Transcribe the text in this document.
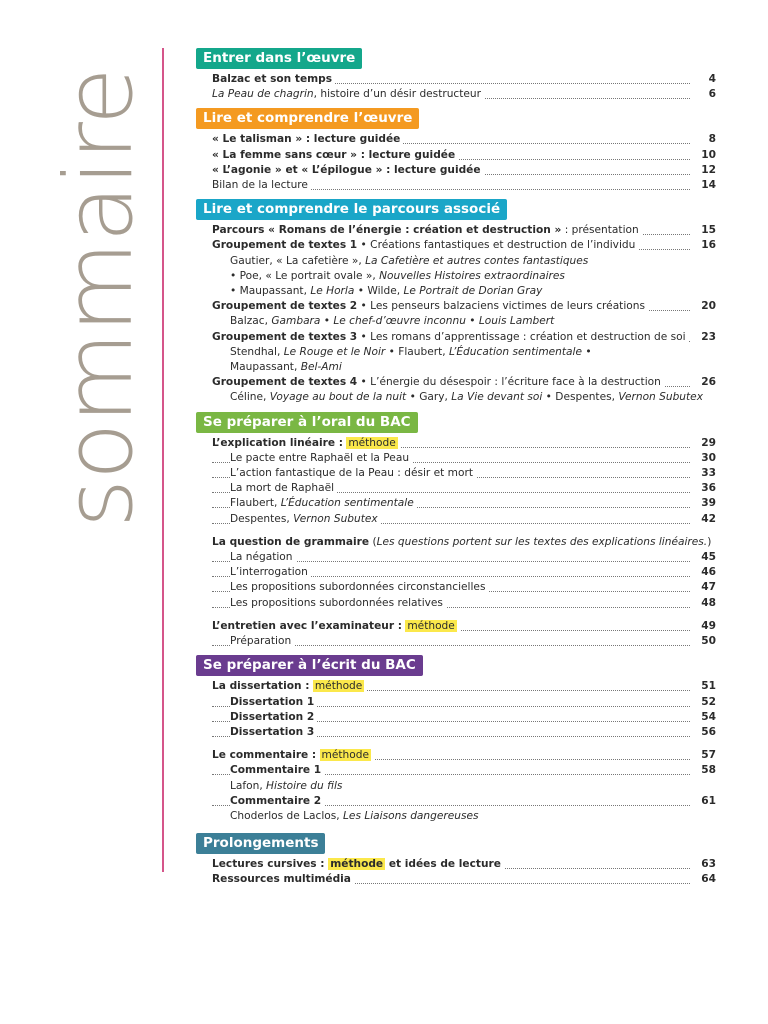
sommaire
Entrer dans l’œuvre
Balzac et son temps	4
La Peau de chagrin, histoire d’un désir destructeur	6
Lire et comprendre l’œuvre
« Le talisman » : lecture guidée	8
« La femme sans cœur » : lecture guidée	10
« L’agonie » et « L’épilogue » : lecture guidée	12
Bilan de la lecture	14
Lire et comprendre le parcours associé
Parcours « Romans de l’énergie : création et destruction » : présentation	15
Groupement de textes 1 • Créations fantastiques et destruction de l’individu	16
Gautier, « La cafetière », La Cafetière et autres contes fantastiques
• Poe, « Le portrait ovale », Nouvelles Histoires extraordinaires
• Maupassant, Le Horla • Wilde, Le Portrait de Dorian Gray
Groupement de textes 2 • Les penseurs balzaciens victimes de leurs créations	20
Balzac, Gambara • Le chef-d’œuvre inconnu • Louis Lambert
Groupement de textes 3 • Les romans d’apprentissage : création et destruction de soi	23
Stendhal, Le Rouge et le Noir • Flaubert, L’Éducation sentimentale •
Maupassant, Bel-Ami
Groupement de textes 4 • L’énergie du désespoir : l’écriture face à la destruction	26
Céline, Voyage au bout de la nuit • Gary, La Vie devant soi • Despentes, Vernon Subutex
Se préparer à l’oral du BAC
L’explication linéaire : méthode	29
Le pacte entre Raphaël et la Peau	30
L’action fantastique de la Peau : désir et mort	33
La mort de Raphaël	36
Flaubert, L’Éducation sentimentale	39
Despentes, Vernon Subutex	42
La question de grammaire (Les questions portent sur les textes des explications linéaires.)
La négation	45
L’interrogation	46
Les propositions subordonnées circonstancielles	47
Les propositions subordonnées relatives	48
L’entretien avec l’examinateur : méthode	49
Préparation	50
Se préparer à l’écrit du BAC
La dissertation : méthode	51
Dissertation 1	52
Dissertation 2	54
Dissertation 3	56
Le commentaire : méthode	57
Commentaire 1	58
Lafon, Histoire du fils
Commentaire 2	61
Choderlos de Laclos, Les Liaisons dangereuses
Prolongements
Lectures cursives : méthode et idées de lecture	63
Ressources multimédia	64
